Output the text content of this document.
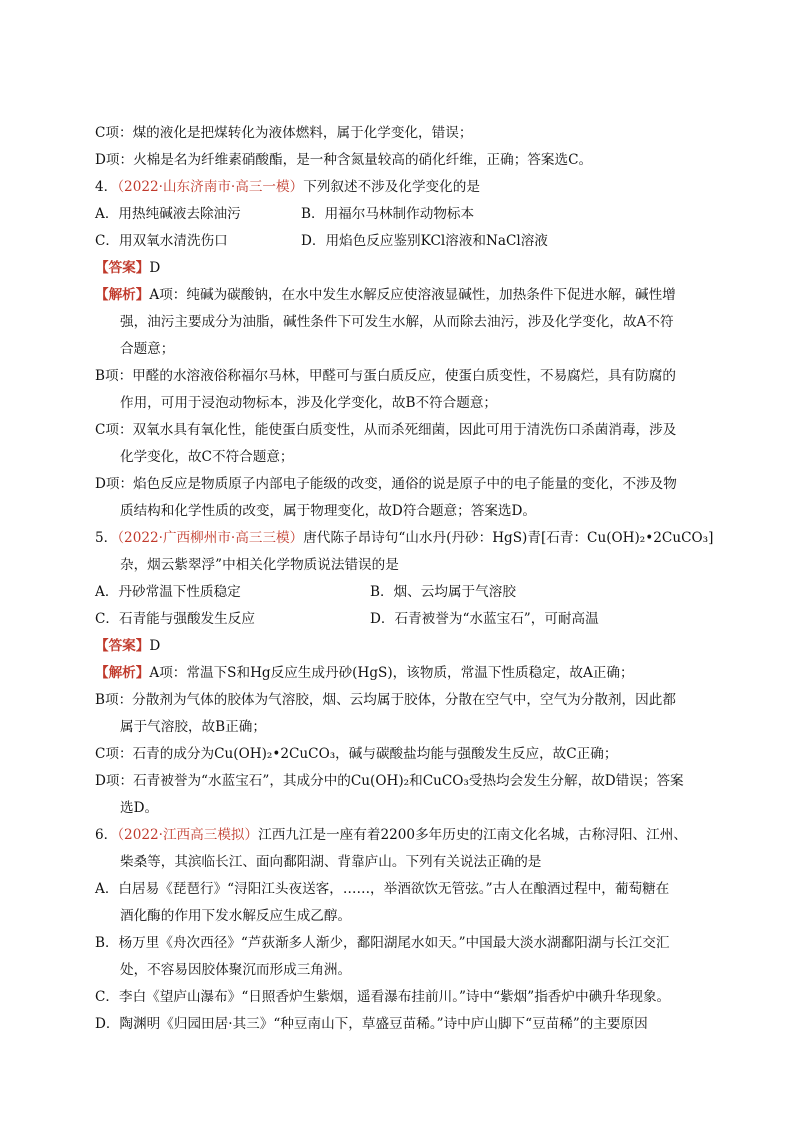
C项：煤的液化是把煤转化为液体燃料，属于化学变化，错误；
D项：火棉是名为纤维素硝酸酯，是一种含氮量较高的硝化纤维，正确；答案选C。
4．（2022·山东济南市·高三一模）下列叙述不涉及化学变化的是
A．用热纯碱液去除油污	B．用福尔马林制作动物标本
C．用双氧水清洗伤口	D．用焰色反应鉴别KCl溶液和NaCl溶液
【答案】D
【解析】A项：纯碱为碳酸钠，在水中发生水解反应使溶液显碱性，加热条件下促进水解，碱性增
强，油污主要成分为油脂，碱性条件下可发生水解，从而除去油污，涉及化学变化，故A不符
合题意；
B项：甲醛的水溶液俗称福尔马林，甲醛可与蛋白质反应，使蛋白质变性，不易腐烂，具有防腐的
作用，可用于浸泡动物标本，涉及化学变化，故B不符合题意；
C项：双氧水具有氧化性，能使蛋白质变性，从而杀死细菌，因此可用于清洗伤口杀菌消毒，涉及
化学变化，故C不符合题意；
D项：焰色反应是物质原子内部电子能级的改变，通俗的说是原子中的电子能量的变化，不涉及物
质结构和化学性质的改变，属于物理变化，故D符合题意；答案选D。
5．（2022·广西柳州市·高三三模）唐代陈子昂诗句“山水丹(丹砂：HgS)青[石青：Cu(OH)₂•2CuCO₃]
杂，烟云紫翠浮”中相关化学物质说法错误的是
A．丹砂常温下性质稳定	B．烟、云均属于气溶胶
C．石青能与强酸发生反应	D．石青被誉为“水蓝宝石”，可耐高温
【答案】D
【解析】A项：常温下S和Hg反应生成丹砂(HgS)，该物质，常温下性质稳定，故A正确；
B项：分散剂为气体的胶体为气溶胶，烟、云均属于胶体，分散在空气中，空气为分散剂，因此都
属于气溶胶，故B正确；
C项：石青的成分为Cu(OH)₂•2CuCO₃，碱与碳酸盐均能与强酸发生反应，故C正确；
D项：石青被誉为“水蓝宝石”，其成分中的Cu(OH)₂和CuCO₃受热均会发生分解，故D错误；答案
选D。
6．（2022·江西高三模拟）江西九江是一座有着2200多年历史的江南文化名城，古称浔阳、江州、
柴桑等，其滨临长江、面向鄱阳湖、背靠庐山。下列有关说法正确的是
A．白居易《琵琶行》“浔阳江头夜送客，……，举酒欲饮无管弦。”古人在酿酒过程中，葡萄糖在
酒化酶的作用下发水解反应生成乙醇。
B．杨万里《舟次西径》“芦荻渐多人渐少，鄱阳湖尾水如天。”中国最大淡水湖鄱阳湖与长江交汇
处，不容易因胶体聚沉而形成三角洲。
C．李白《望庐山瀑布》“日照香炉生紫烟，遥看瀑布挂前川。”诗中“紫烟”指香炉中碘升华现象。
D．陶渊明《归园田居·其三》“种豆南山下，草盛豆苗稀。”诗中庐山脚下“豆苗稀”的主要原因
